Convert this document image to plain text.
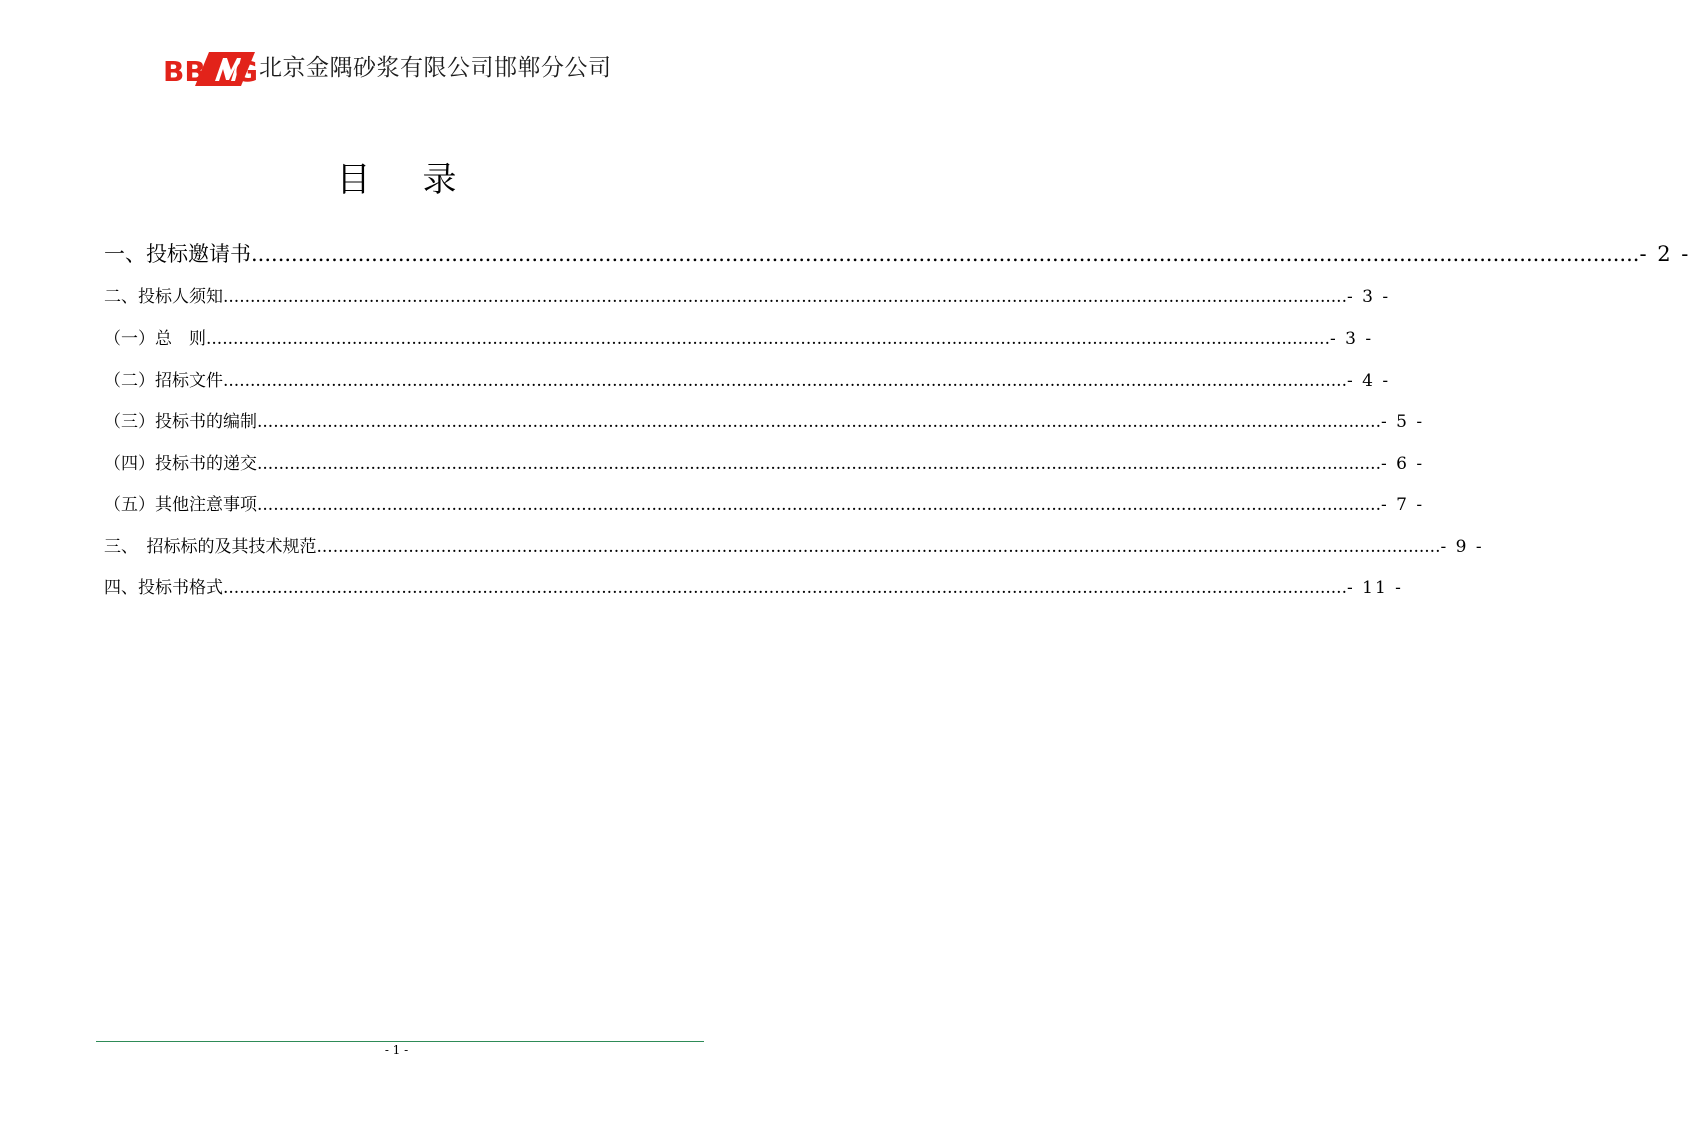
BB G 北京金隅砂浆有限公司邯郸分公司
目 录
一、投标邀请书 .....	- 2 -
二、投标人须知 .....	- 3 -
（一）总　则 .....	- 3 -
（二）招标文件 .....	- 4 -
（三）投标书的编制 .....	- 5 -
（四）投标书的递交 .....	- 6 -
（五）其他注意事项 .....	- 7 -
三、　招标标的及其技术规范 .....	- 9 -
四、投标书格式 .....	- 11 -
- 1 -
